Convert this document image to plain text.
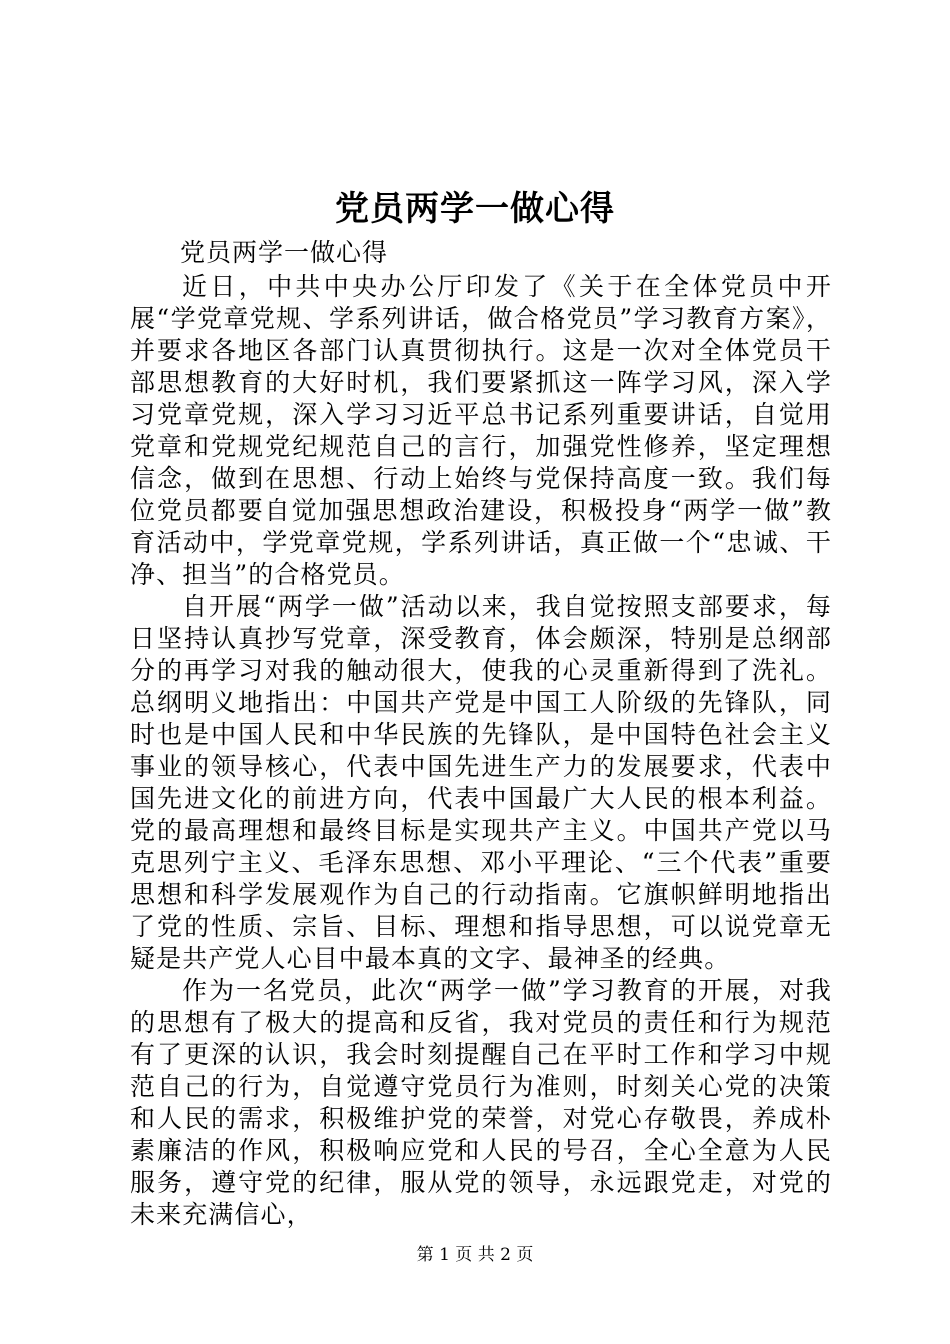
党员两学一做心得
党员两学一做心得

近日，中共中央办公厅印发了《关于在全体党员中开展“学党章党规、学系列讲话，做合格党员”学习教育方案》，并要求各地区各部门认真贯彻执行。这是一次对全体党员干部思想教育的大好时机，我们要紧抓这一阵学习风，深入学习党章党规，深入学习习近平总书记系列重要讲话，自觉用党章和党规党纪规范自己的言行，加强党性修养，坚定理想信念，做到在思想、行动上始终与党保持高度一致。我们每位党员都要自觉加强思想政治建设，积极投身“两学一做”教育活动中，学党章党规，学系列讲话，真正做一个“忠诚、干净、担当”的合格党员。

自开展“两学一做”活动以来，我自觉按照支部要求，每日坚持认真抄写党章，深受教育，体会颇深，特别是总纲部分的再学习对我的触动很大，使我的心灵重新得到了洗礼。总纲明义地指出：中国共产党是中国工人阶级的先锋队，同时也是中国人民和中华民族的先锋队，是中国特色社会主义事业的领导核心，代表中国先进生产力的发展要求，代表中国先进文化的前进方向，代表中国最广大人民的根本利益。党的最高理想和最终目标是实现共产主义。中国共产党以马克思列宁主义、毛泽东思想、邓小平理论、“三个代表”重要思想和科学发展观作为自己的行动指南。它旗帜鲜明地指出了党的性质、宗旨、目标、理想和指导思想，可以说党章无疑是共产党人心目中最本真的文字、最神圣的经典。

作为一名党员，此次“两学一做”学习教育的开展，对我的思想有了极大的提高和反省，我对党员的责任和行为规范有了更深的认识，我会时刻提醒自己在平时工作和学习中规范自己的行为，自觉遵守党员行为准则，时刻关心党的决策和人民的需求，积极维护党的荣誉，对党心存敬畏，养成朴素廉洁的作风，积极响应党和人民的号召，全心全意为人民服务，遵守党的纪律，服从党的领导，永远跟党走，对党的未来充满信心，

第 1 页 共 2 页
